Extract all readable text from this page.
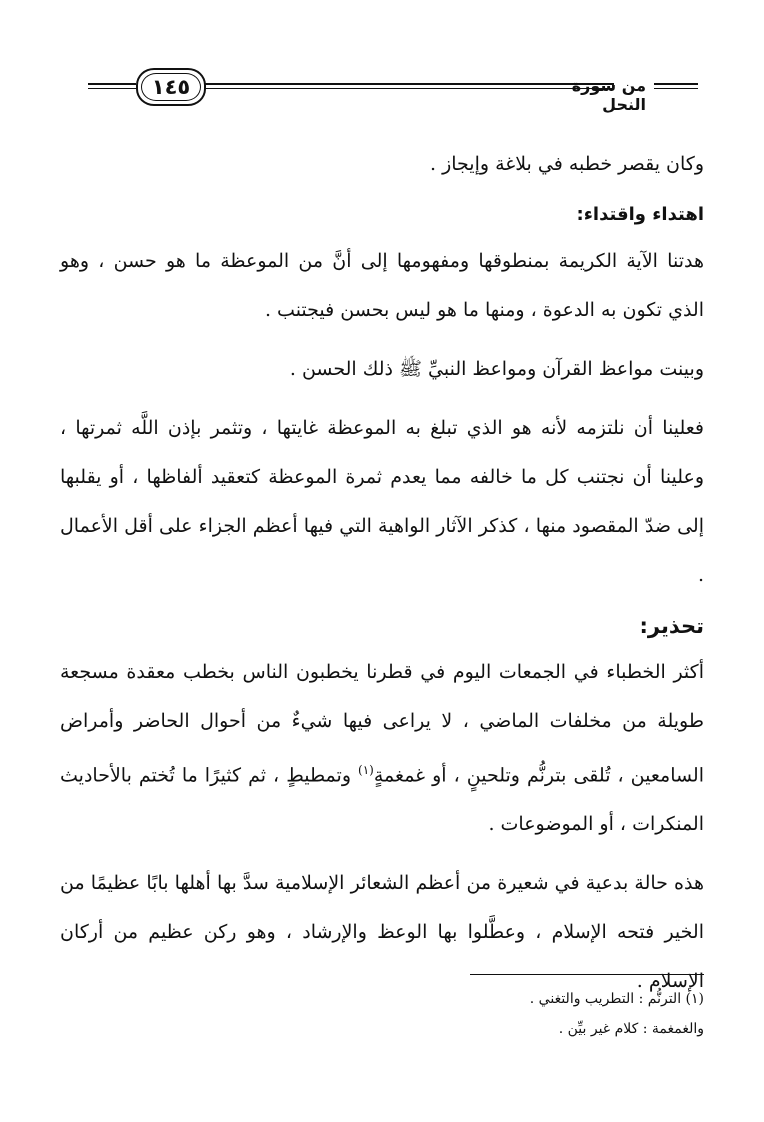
١٤٥	من سورة النحل

وكان يقصر خطبه في بلاغة وإيجاز .

اهتداء واقتداء:

هدتنا الآية الكريمة بمنطوقها ومفهومها إلى أنَّ من الموعظة ما هو حسن ، وهو الذي تكون به الدعوة ، ومنها ما هو ليس بحسن فيجتنب .

وبينت مواعظ القرآن ومواعظ النبيِّ ﷺ ذلك الحسن .

فعلينا أن نلتزمه لأنه هو الذي تبلغ به الموعظة غايتها ، وتثمر بإذن اللَّه ثمرتها ، وعلينا أن نجتنب كل ما خالفه مما يعدم ثمرة الموعظة كتعقيد ألفاظها ، أو يقلبها إلى ضدّ المقصود منها ، كذكر الآثار الواهية التي فيها أعظم الجزاء على أقل الأعمال .

تحذير:

أكثر الخطباء في الجمعات اليوم في قطرنا يخطبون الناس بخطب معقدة مسجعة طويلة من مخلفات الماضي ، لا يراعى فيها شيءٌ من أحوال الحاضر وأمراض السامعين ، تُلقى بترنُّم وتلحينٍ ، أو غمغمةٍ$^{(١)}$ وتمطيطٍ ، ثم كثيرًا ما تُختم بالأحاديث المنكرات ، أو الموضوعات .

هذه حالة بدعية في شعيرة من أعظم الشعائر الإسلامية سدَّ بها أهلها بابًا عظيمًا من الخير فتحه الإسلام ، وعطَّلوا بها الوعظ والإرشاد ، وهو ركن عظيم من أركان الإسلام .

(١) الترنُّم : التطريب والتغني .

والغمغمة : كلام غير بيِّن .
